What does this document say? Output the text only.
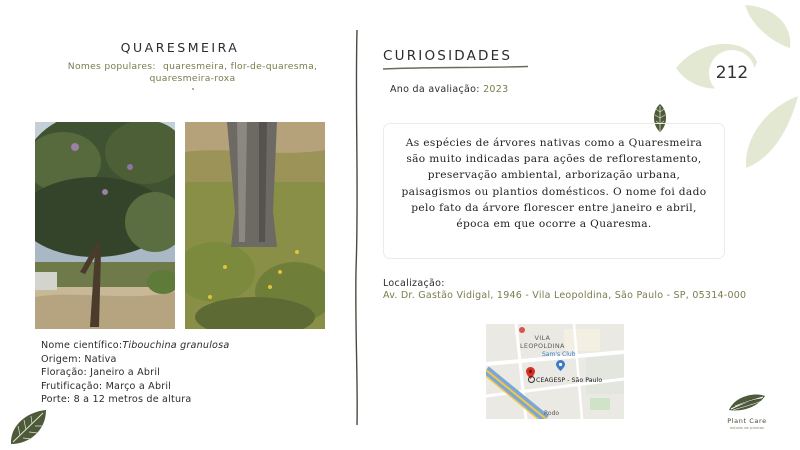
212
QUARESMEIRA
Nomes populares: quaresmeira, flor-de-quaresma, quaresmeira-roxa
Nome científico:Tibouchina granulosa
Origem: Nativa
Floração: Janeiro a Abril
Frutificação: Março a Abril
Porte: 8 a 12 metros de altura
CURIOSIDADES
Ano da avaliação: 2023

As espécies de árvores nativas como a Quaresmeira são muito indicadas para ações de reflorestamento, preservação ambiental, arborização urbana, paisagismos ou plantios domésticos. O nome foi dado pelo fato da árvore florescer entre janeiro e abril, época em que ocorre a Quaresma.

Localização:
Av. Dr. Gastão Vidigal, 1946 - Vila Leopoldina, São Paulo - SP, 05314-000
VILA
LEOPOLDINA
Sam's Club
CEAGESP - São Paulo
Rodo
Plant Care
estudo de plantas
